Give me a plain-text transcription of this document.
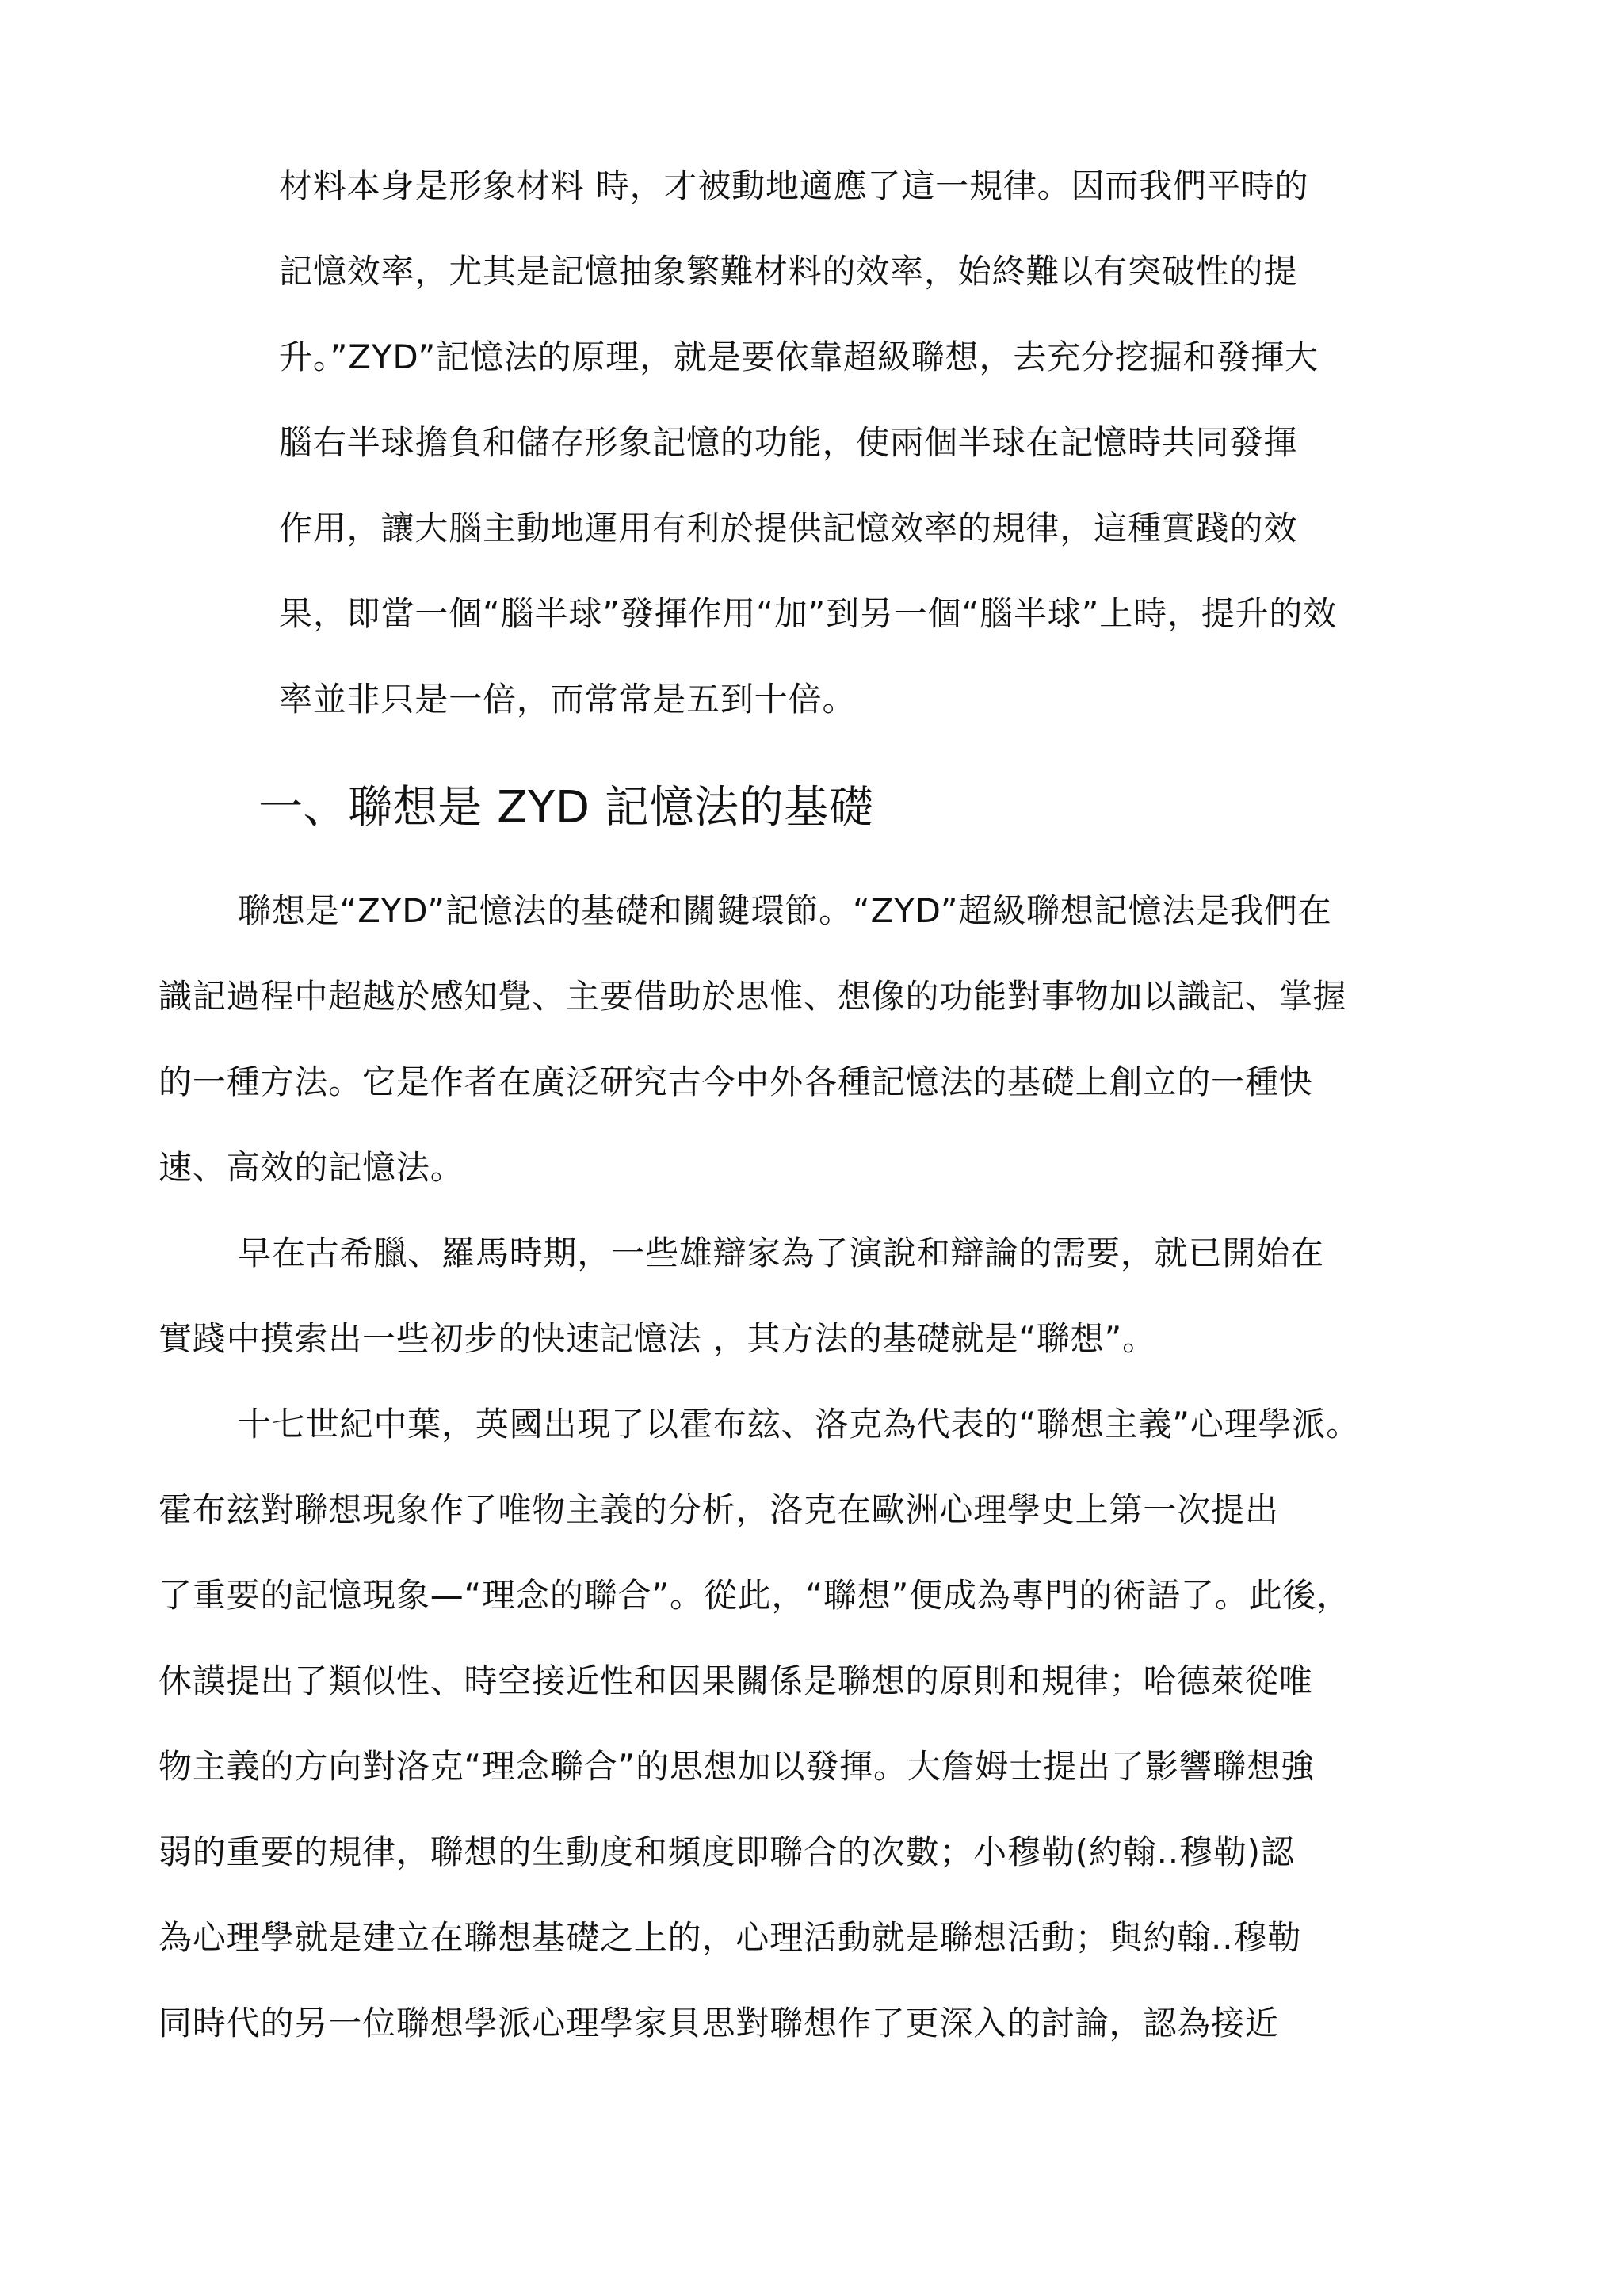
材料本身是形象材料 時，才被動地適應了這一規律。因而我們平時的
記憶效率，尤其是記憶抽象繁難材料的效率，始終難以有突破性的提
升。”ZYD”記憶法的原理，就是要依靠超級聯想，去充分挖掘和發揮大
腦右半球擔負和儲存形象記憶的功能，使兩個半球在記憶時共同發揮
作用，讓大腦主動地運用有利於提供記憶效率的規律，這種實踐的效
果，即當一個“腦半球”發揮作用“加”到另一個“腦半球”上時，提升的效
率並非只是一倍，而常常是五到十倍。
一、聯想是 ZYD 記憶法的基礎
聯想是“ZYD”記憶法的基礎和關鍵環節。“ZYD”超級聯想記憶法是我們在
識記過程中超越於感知覺、主要借助於思惟、想像的功能對事物加以識記、掌握
的一種方法。它是作者在廣泛研究古今中外各種記憶法的基礎上創立的一種快
速、高效的記憶法。
早在古希臘、羅馬時期，一些雄辯家為了演說和辯論的需要，就已開始在
實踐中摸索出一些初步的快速記憶法 ，其方法的基礎就是“聯想”。
十七世紀中葉，英國出現了以霍布玆、洛克為代表的“聯想主義”心理學派。
霍布玆對聯想現象作了唯物主義的分析，洛克在歐洲心理學史上第一次提出
了重要的記憶現象—“理念的聯合”。從此，“聯想”便成為專門的術語了。此後，
休謨提出了類似性、時空接近性和因果關係是聯想的原則和規律；哈德萊從唯
物主義的方向對洛克“理念聯合”的思想加以發揮。大詹姆士提出了影響聯想強
弱的重要的規律，聯想的生動度和頻度即聯合的次數；小穆勒(約翰..穆勒)認
為心理學就是建立在聯想基礎之上的，心理活動就是聯想活動；與約翰..穆勒
同時代的另一位聯想學派心理學家貝思對聯想作了更深入的討論，認為接近
